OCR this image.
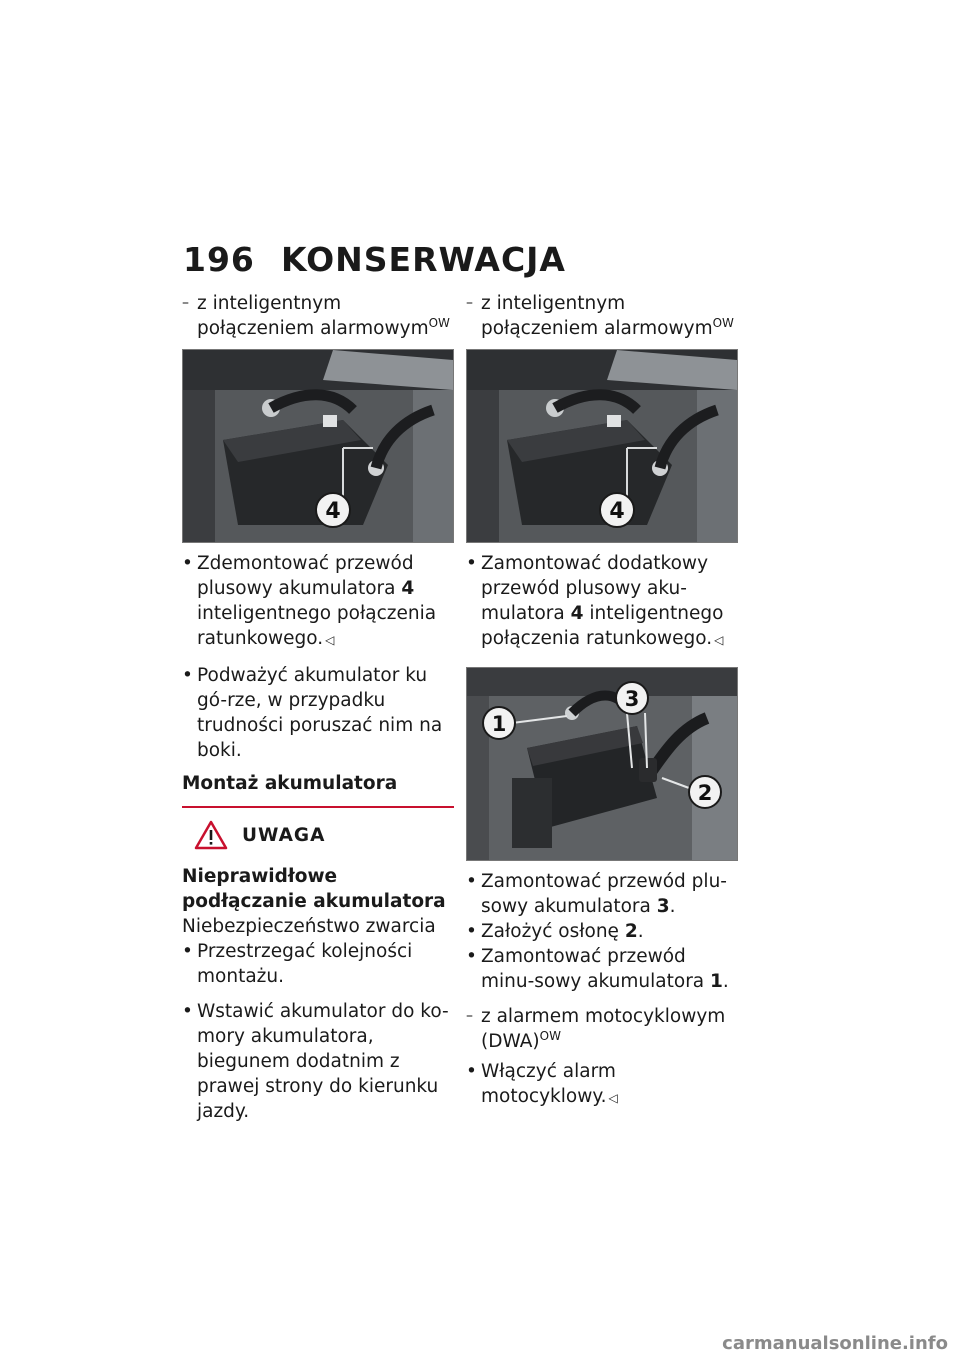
196 KONSERWACJA
– z inteligentnym połączeniem alarmowym$^{OW}$
4
• Zdemontować przewód plusowy akumulatora 4 inteligentnego połączenia ratunkowego. ◁
• Podważyć akumulator ku gó-rze, w przypadku trudności poruszać nim na boki.
Montaż akumulatora
UWAGA
Nieprawidłowe podłączanie akumulatora
Niebezpieczeństwo zwarcia
• Przestrzegać kolejności montażu.
• Wstawić akumulator do ko-mory akumulatora, biegunem dodatnim z prawej strony do kierunku jazdy.
– z inteligentnym połączeniem alarmowym$^{OW}$
4
• Zamontować dodatkowy przewód plusowy aku-mulatora 4 inteligentnego połączenia ratunkowego. ◁
1
3
2
• Zamontować przewód plu-sowy akumulatora 3.
• Założyć osłonę 2.
• Zamontować przewód minu-sowy akumulatora 1.
– z alarmem motocyklowym (DWA)$^{OW}$
• Włączyć alarm motocyklowy. ◁
carmanualsonline.info
